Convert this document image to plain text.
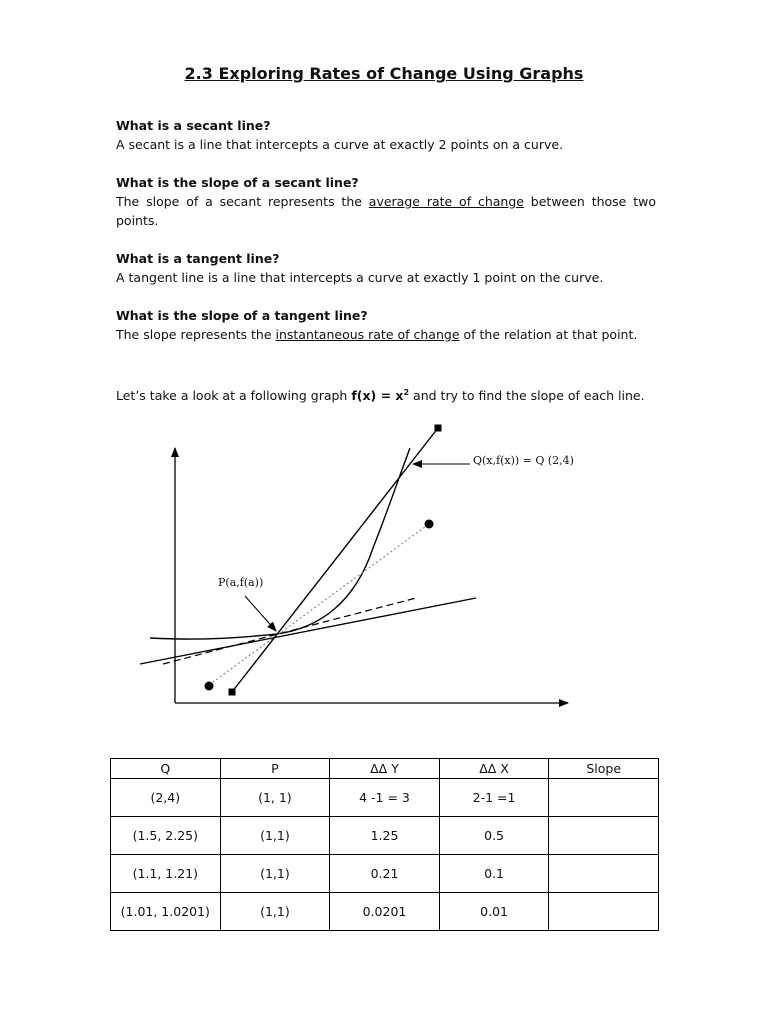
2.3 Exploring Rates of Change Using Graphs
What is a secant line?
A secant is a line that intercepts a curve at exactly 2 points on a curve.
What is the slope of a secant line?
The slope of a secant represents the average rate of change between those two points.
What is a tangent line?
A tangent line is a line that intercepts a curve at exactly 1 point on the curve.
What is the slope of a tangent line?
The slope represents the instantaneous rate of change of the relation at that point.
Let’s take a look at a following graph $f(x) = x^2$ and try to find the slope of each line.
Q(x,f(x)) = Q (2,4)
P(a,f(a))
Q	P	ΔΔ Y	ΔΔ X	Slope
(2,4)	(1, 1)	4 -1 = 3	2-1 =1	
(1.5, 2.25)	(1,1)	1.25	0.5	
(1.1, 1.21)	(1,1)	0.21	0.1	
(1.01, 1.0201)	(1,1)	0.0201	0.01	
